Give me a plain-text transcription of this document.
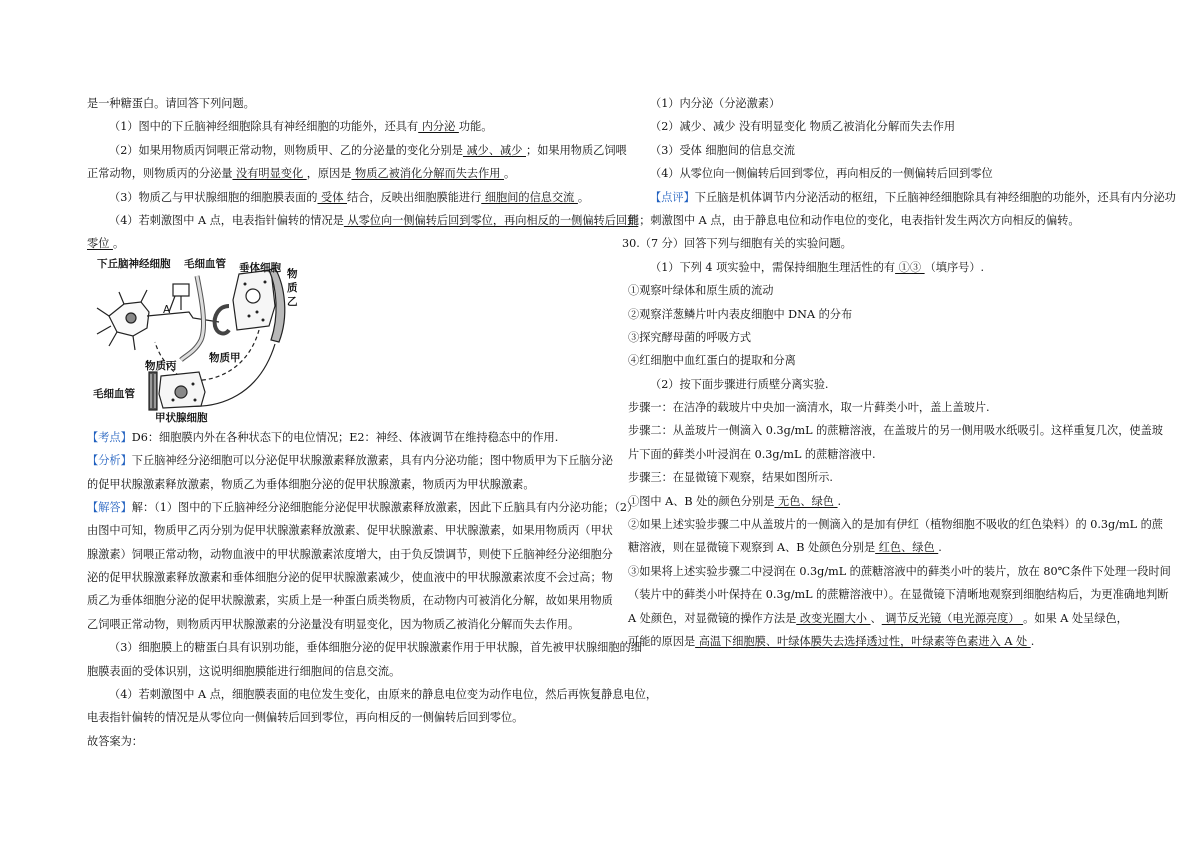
是一种糖蛋白。请回答下列问题。
（1）图中的下丘脑神经细胞除具有神经细胞的功能外，还具有 内分泌 功能。
（2）如果用物质丙饲喂正常动物，则物质甲、乙的分泌量的变化分别是 减少、减少 ；如果用物质乙饲喂
正常动物，则物质丙的分泌量 没有明显变化 ，原因是 物质乙被消化分解而失去作用 。
（3）物质乙与甲状腺细胞的细胞膜表面的 受体 结合，反映出细胞膜能进行 细胞间的信息交流 。
（4）若刺激图中 A 点，电表指针偏转的情况是 从零位向一侧偏转后回到零位，再向相反的一侧偏转后回到
零位 。
下丘脑神经细胞 毛细血管 垂体细胞 物
质
乙
A
物质甲
物质丙
毛细血管
甲状腺细胞
【考点】D6：细胞膜内外在各种状态下的电位情况；E2：神经、体液调节在维持稳态中的作用.
【分析】下丘脑神经分泌细胞可以分泌促甲状腺激素释放激素，具有内分泌功能；图中物质甲为下丘脑分泌
的促甲状腺激素释放激素，物质乙为垂体细胞分泌的促甲状腺激素，物质丙为甲状腺激素。
【解答】解：（1）图中的下丘脑神经分泌细胞能分泌促甲状腺激素释放激素，因此下丘脑具有内分泌功能；（2）
由图中可知，物质甲乙丙分别为促甲状腺激素释放激素、促甲状腺激素、甲状腺激素，如果用物质丙（甲状
腺激素）饲喂正常动物，动物血液中的甲状腺激素浓度增大，由于负反馈调节，则使下丘脑神经分泌细胞分
泌的促甲状腺激素释放激素和垂体细胞分泌的促甲状腺激素减少，使血液中的甲状腺激素浓度不会过高；物
质乙为垂体细胞分泌的促甲状腺激素，实质上是一种蛋白质类物质，在动物内可被消化分解，故如果用物质
乙饲喂正常动物，则物质丙甲状腺激素的分泌量没有明显变化，因为物质乙被消化分解而失去作用。
（3）细胞膜上的糖蛋白具有识别功能，垂体细胞分泌的促甲状腺激素作用于甲状腺，首先被甲状腺细胞的细
胞膜表面的受体识别，这说明细胞膜能进行细胞间的信息交流。
（4）若刺激图中 A 点，细胞膜表面的电位发生变化，由原来的静息电位变为动作电位，然后再恢复静息电位，
电表指针偏转的情况是从零位向一侧偏转后回到零位，再向相反的一侧偏转后回到零位。
故答案为：
（1）内分泌（分泌激素）
（2）减少、减少 没有明显变化 物质乙被消化分解而失去作用
（3）受体 细胞间的信息交流
（4）从零位向一侧偏转后回到零位，再向相反的一侧偏转后回到零位
【点评】下丘脑是机体调节内分泌活动的枢纽，下丘脑神经细胞除具有神经细胞的功能外，还具有内分泌功
能；刺激图中 A 点，由于静息电位和动作电位的变化，电表指针发生两次方向相反的偏转。
30.（7 分）回答下列与细胞有关的实验问题。
（1）下列 4 项实验中，需保持细胞生理活性的有 ①③ （填序号）.
①观察叶绿体和原生质的流动
②观察洋葱鳞片叶内表皮细胞中 DNA 的分布
③探究酵母菌的呼吸方式
④红细胞中血红蛋白的提取和分离
（2）按下面步骤进行质壁分离实验.
步骤一：在洁净的载玻片中央加一滴清水，取一片藓类小叶，盖上盖玻片.
步骤二：从盖玻片一侧滴入 0.3g/mL 的蔗糖溶液，在盖玻片的另一侧用吸水纸吸引。这样重复几次，使盖玻
片下面的藓类小叶浸润在 0.3g/mL 的蔗糖溶液中.
步骤三：在显微镜下观察，结果如图所示.
①图中 A、B 处的颜色分别是 无色、绿色 .
②如果上述实验步骤二中从盖玻片的一侧滴入的是加有伊红（植物细胞不吸收的红色染料）的 0.3g/mL 的蔗
糖溶液，则在显微镜下观察到 A、B 处颜色分别是 红色、绿色 .
③如果将上述实验步骤二中浸润在 0.3g/mL 的蔗糖溶液中的藓类小叶的装片，放在 80℃条件下处理一段时间
（装片中的藓类小叶保持在 0.3g/mL 的蔗糖溶液中）。在显微镜下清晰地观察到细胞结构后，为更准确地判断
A 处颜色，对显微镜的操作方法是 改变光圈大小 、 调节反光镜（电光源亮度） 。如果 A 处呈绿色，
可能的原因是 高温下细胞膜、叶绿体膜失去选择透过性，叶绿素等色素进入 A 处 .
